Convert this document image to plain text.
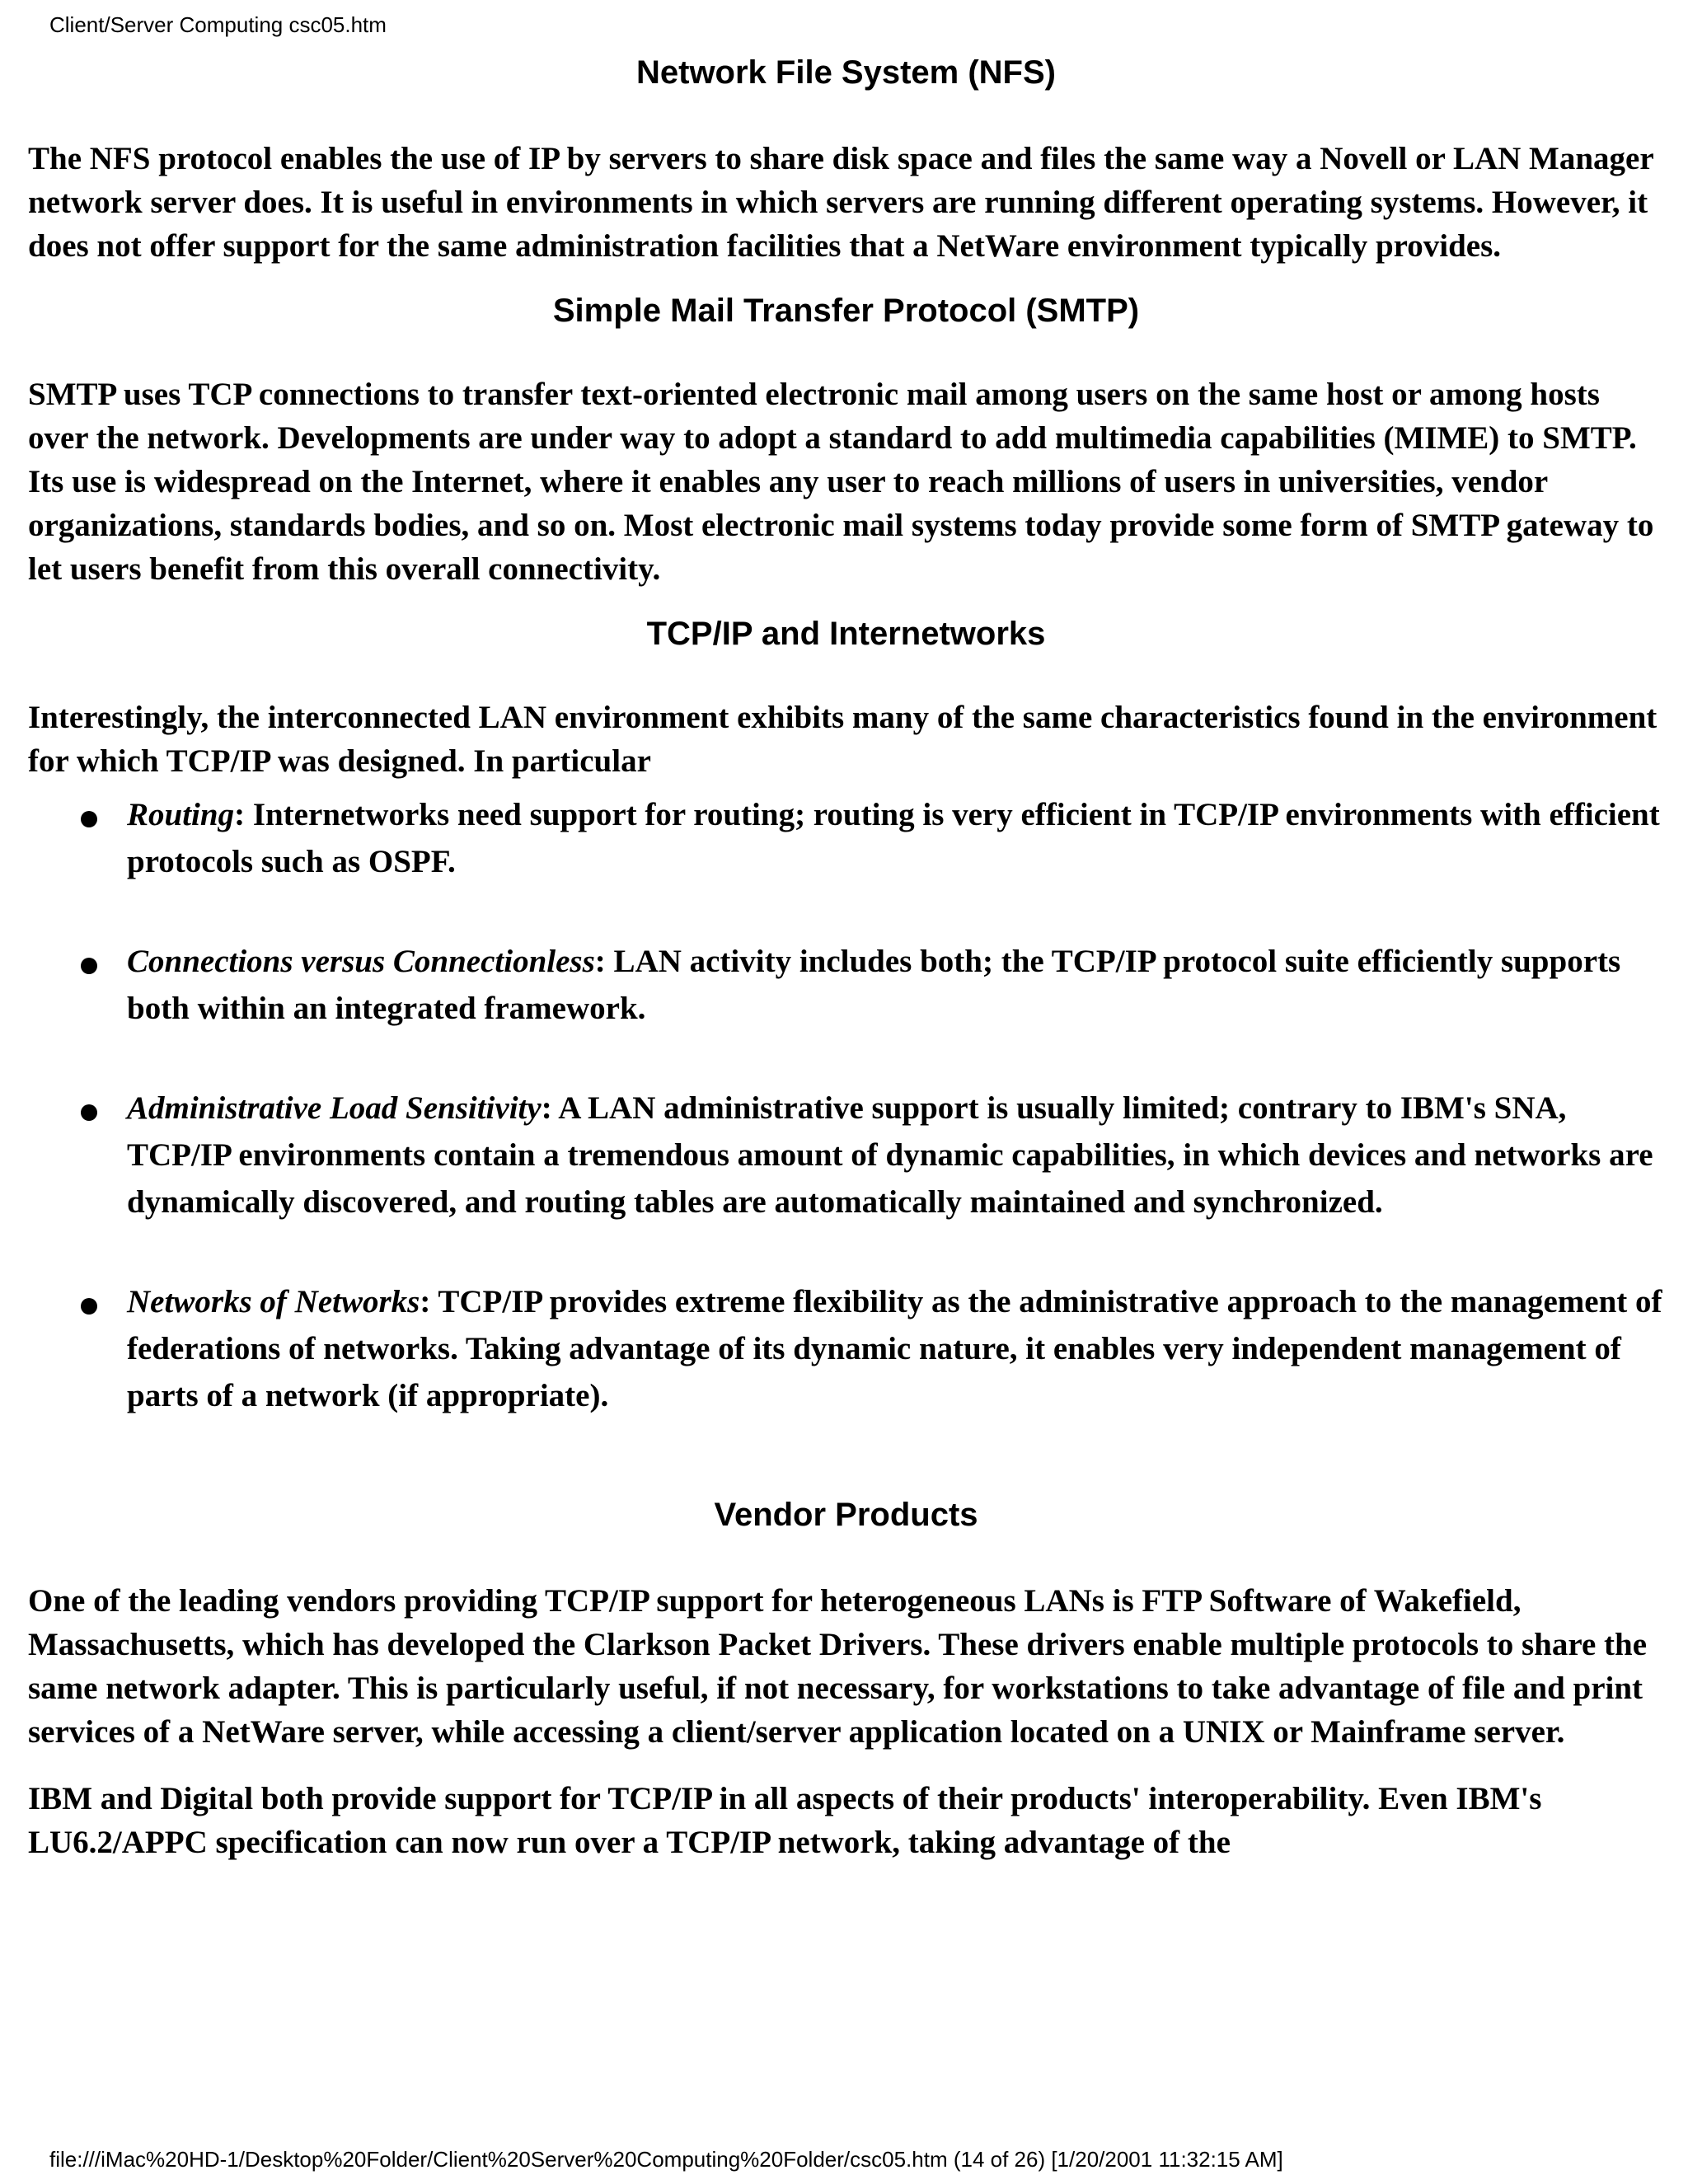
Client/Server Computing csc05.htm
Network File System (NFS)

The NFS protocol enables the use of IP by servers to share disk space and files the same way a Novell or LAN Manager network server does. It is useful in environments in which servers are running different operating systems. However, it does not offer support for the same administration facilities that a NetWare environment typically provides.

Simple Mail Transfer Protocol (SMTP)

SMTP uses TCP connections to transfer text-oriented electronic mail among users on the same host or among hosts over the network. Developments are under way to adopt a standard to add multimedia capabilities (MIME) to SMTP. Its use is widespread on the Internet, where it enables any user to reach millions of users in universities, vendor organizations, standards bodies, and so on. Most electronic mail systems today provide some form of SMTP gateway to let users benefit from this overall connectivity.

TCP/IP and Internetworks

Interestingly, the interconnected LAN environment exhibits many of the same characteristics found in the environment for which TCP/IP was designed. In particular

Routing: Internetworks need support for routing; routing is very efficient in TCP/IP environments with efficient protocols such as OSPF.
Connections versus Connectionless: LAN activity includes both; the TCP/IP protocol suite efficiently supports both within an integrated framework.
Administrative Load Sensitivity: A LAN administrative support is usually limited; contrary to IBM's SNA, TCP/IP environments contain a tremendous amount of dynamic capabilities, in which devices and networks are dynamically discovered, and routing tables are automatically maintained and synchronized.
Networks of Networks: TCP/IP provides extreme flexibility as the administrative approach to the management of federations of networks. Taking advantage of its dynamic nature, it enables very independent management of parts of a network (if appropriate).
Vendor Products

One of the leading vendors providing TCP/IP support for heterogeneous LANs is FTP Software of Wakefield, Massachusetts, which has developed the Clarkson Packet Drivers. These drivers enable multiple protocols to share the same network adapter. This is particularly useful, if not necessary, for workstations to take advantage of file and print services of a NetWare server, while accessing a client/server application located on a UNIX or Mainframe server.

IBM and Digital both provide support for TCP/IP in all aspects of their products' interoperability. Even IBM's LU6.2/APPC specification can now run over a TCP/IP network, taking advantage of the

file:///iMac%20HD-1/Desktop%20Folder/Client%20Server%20Computing%20Folder/csc05.htm (14 of 26) [1/20/2001 11:32:15 AM]
